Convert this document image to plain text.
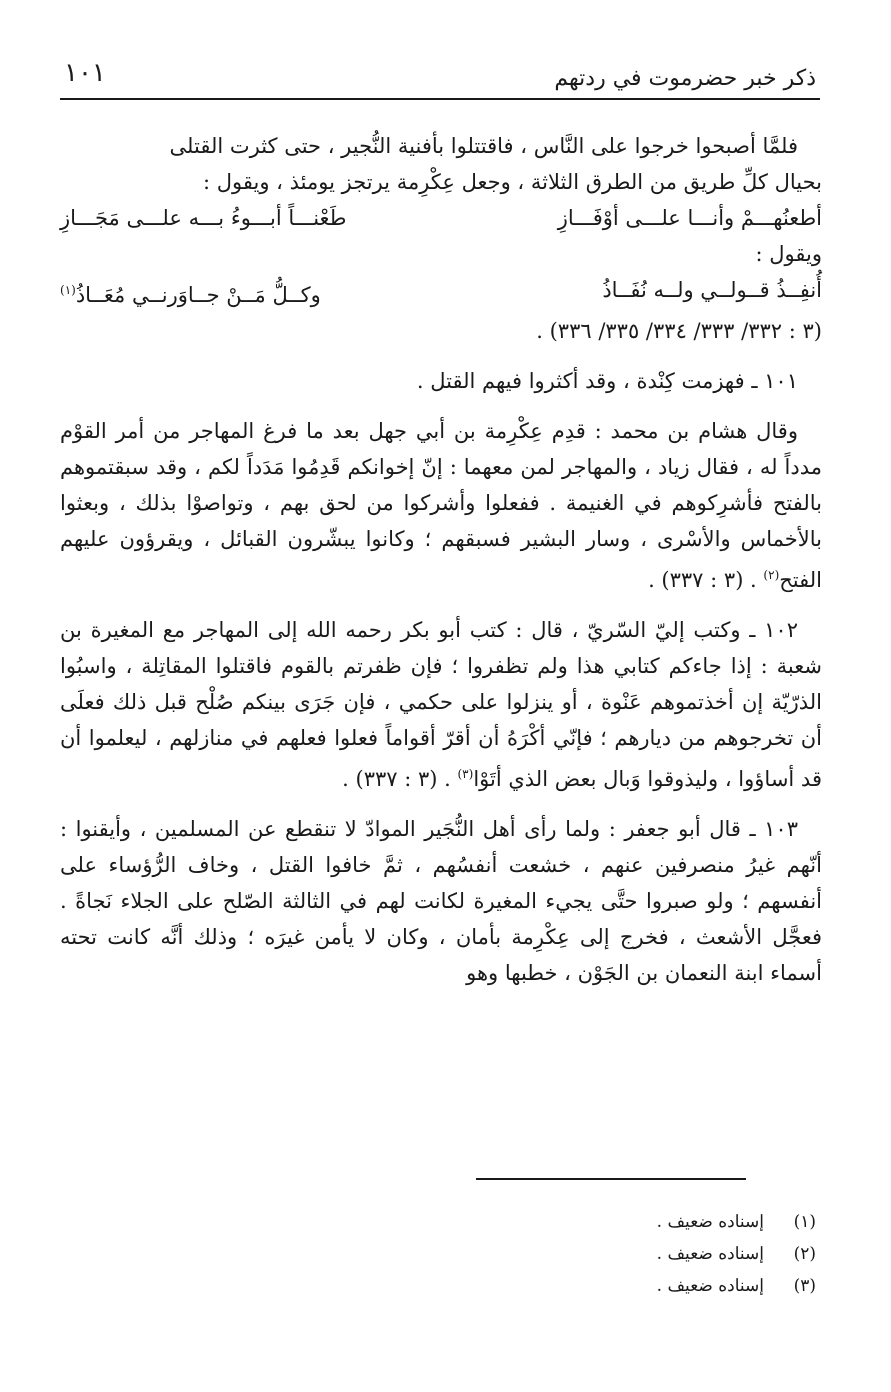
١٠١	ذكر خبر حضرموت في ردتهم

فلمَّا أصبحوا خرجوا على النَّاس ، فاقتتلوا بأفنية النُّجير ، حتى كثرت القتلى

بحيال كلِّ طريق من الطرق الثلاثة ، وجعل عِكْرِمة يرتجز يومئذ ، ويقول :

أطعنُهـــمْ وأنـــا علـــى أوْفَـــازِ
طَعْنـــاً أبـــوءُ بـــه علـــى مَجَـــازِ

ويقول :

أُنفِــذُ قــولــي ولــه نُفَــاذُ
وكــلُّ مَــنْ جــاوَرنــي مُعَــاذُ$^{(١)}$

(٣ : ٣٣٢/ ٣٣٣/ ٣٣٤/ ٣٣٥/ ٣٣٦) .

١٠١ ـ فهزمت كِنْدة ، وقد أكثروا فيهم القتل .

وقال هشام بن محمد : قدِم عِكْرِمة بن أبي جهل بعد ما فرغ المهاجر من أمر القوْم مدداً له ، فقال زياد ، والمهاجر لمن معهما : إنّ إخوانكم قَدِمُوا مَدَداً لكم ، وقد سبقتموهم بالفتح فأشرِكوهم في الغنيمة . ففعلوا وأشركوا من لحق بهم ، وتواصوْا بذلك ، وبعثوا بالأخماس والأسْرى ، وسار البشير فسبقهم ؛ وكانوا يبشّرون القبائل ، ويقرؤون عليهم الفتح$^{(٢)}$ . (٣ : ٣٣٧) .

١٠٢ ـ وكتب إليّ السّريّ ، قال : كتب أبو بكر رحمه الله إلى المهاجر مع المغيرة بن شعبة : إذا جاءكم كتابي هذا ولم تظفروا ؛ فإن ظفرتم بالقوم فاقتلوا المقاتِلة ، واسبُوا الذرّيّة إن أخذتموهم عَنْوة ، أو ينزلوا على حكمي ، فإن جَرَى بينكم صُلْح قبل ذلك فعلَى أن تخرجوهم من ديارهم ؛ فإنّي أكْرَهُ أن أقرّ أقواماً فعلوا فعلهم في منازلهم ، ليعلموا أن قد أساؤوا ، وليذوقوا وَبال بعض الذي أتَوْا$^{(٣)}$ . (٣ : ٣٣٧) .

١٠٣ ـ قال أبو جعفر : ولما رأى أهل النُّجَير الموادّ لا تنقطع عن المسلمين ، وأيقنوا : أنّهم غيرُ منصرفين عنهم ، خشعت أنفسُهم ، ثمَّ خافوا القتل ، وخاف الرُّؤساء على أنفسهم ؛ ولو صبروا حتَّى يجيء المغيرة لكانت لهم في الثالثة الصّلح على الجلاء نَجاةً . فعجَّل الأشعث ، فخرج إلى عِكْرِمة بأمان ، وكان لا يأمن غيرَه ؛ وذلك أنَّه كانت تحته أسماء ابنة النعمان بن الجَوْن ، خطبها وهو

(١)إسناده ضعيف .

(٢)إسناده ضعيف .

(٣)إسناده ضعيف .
